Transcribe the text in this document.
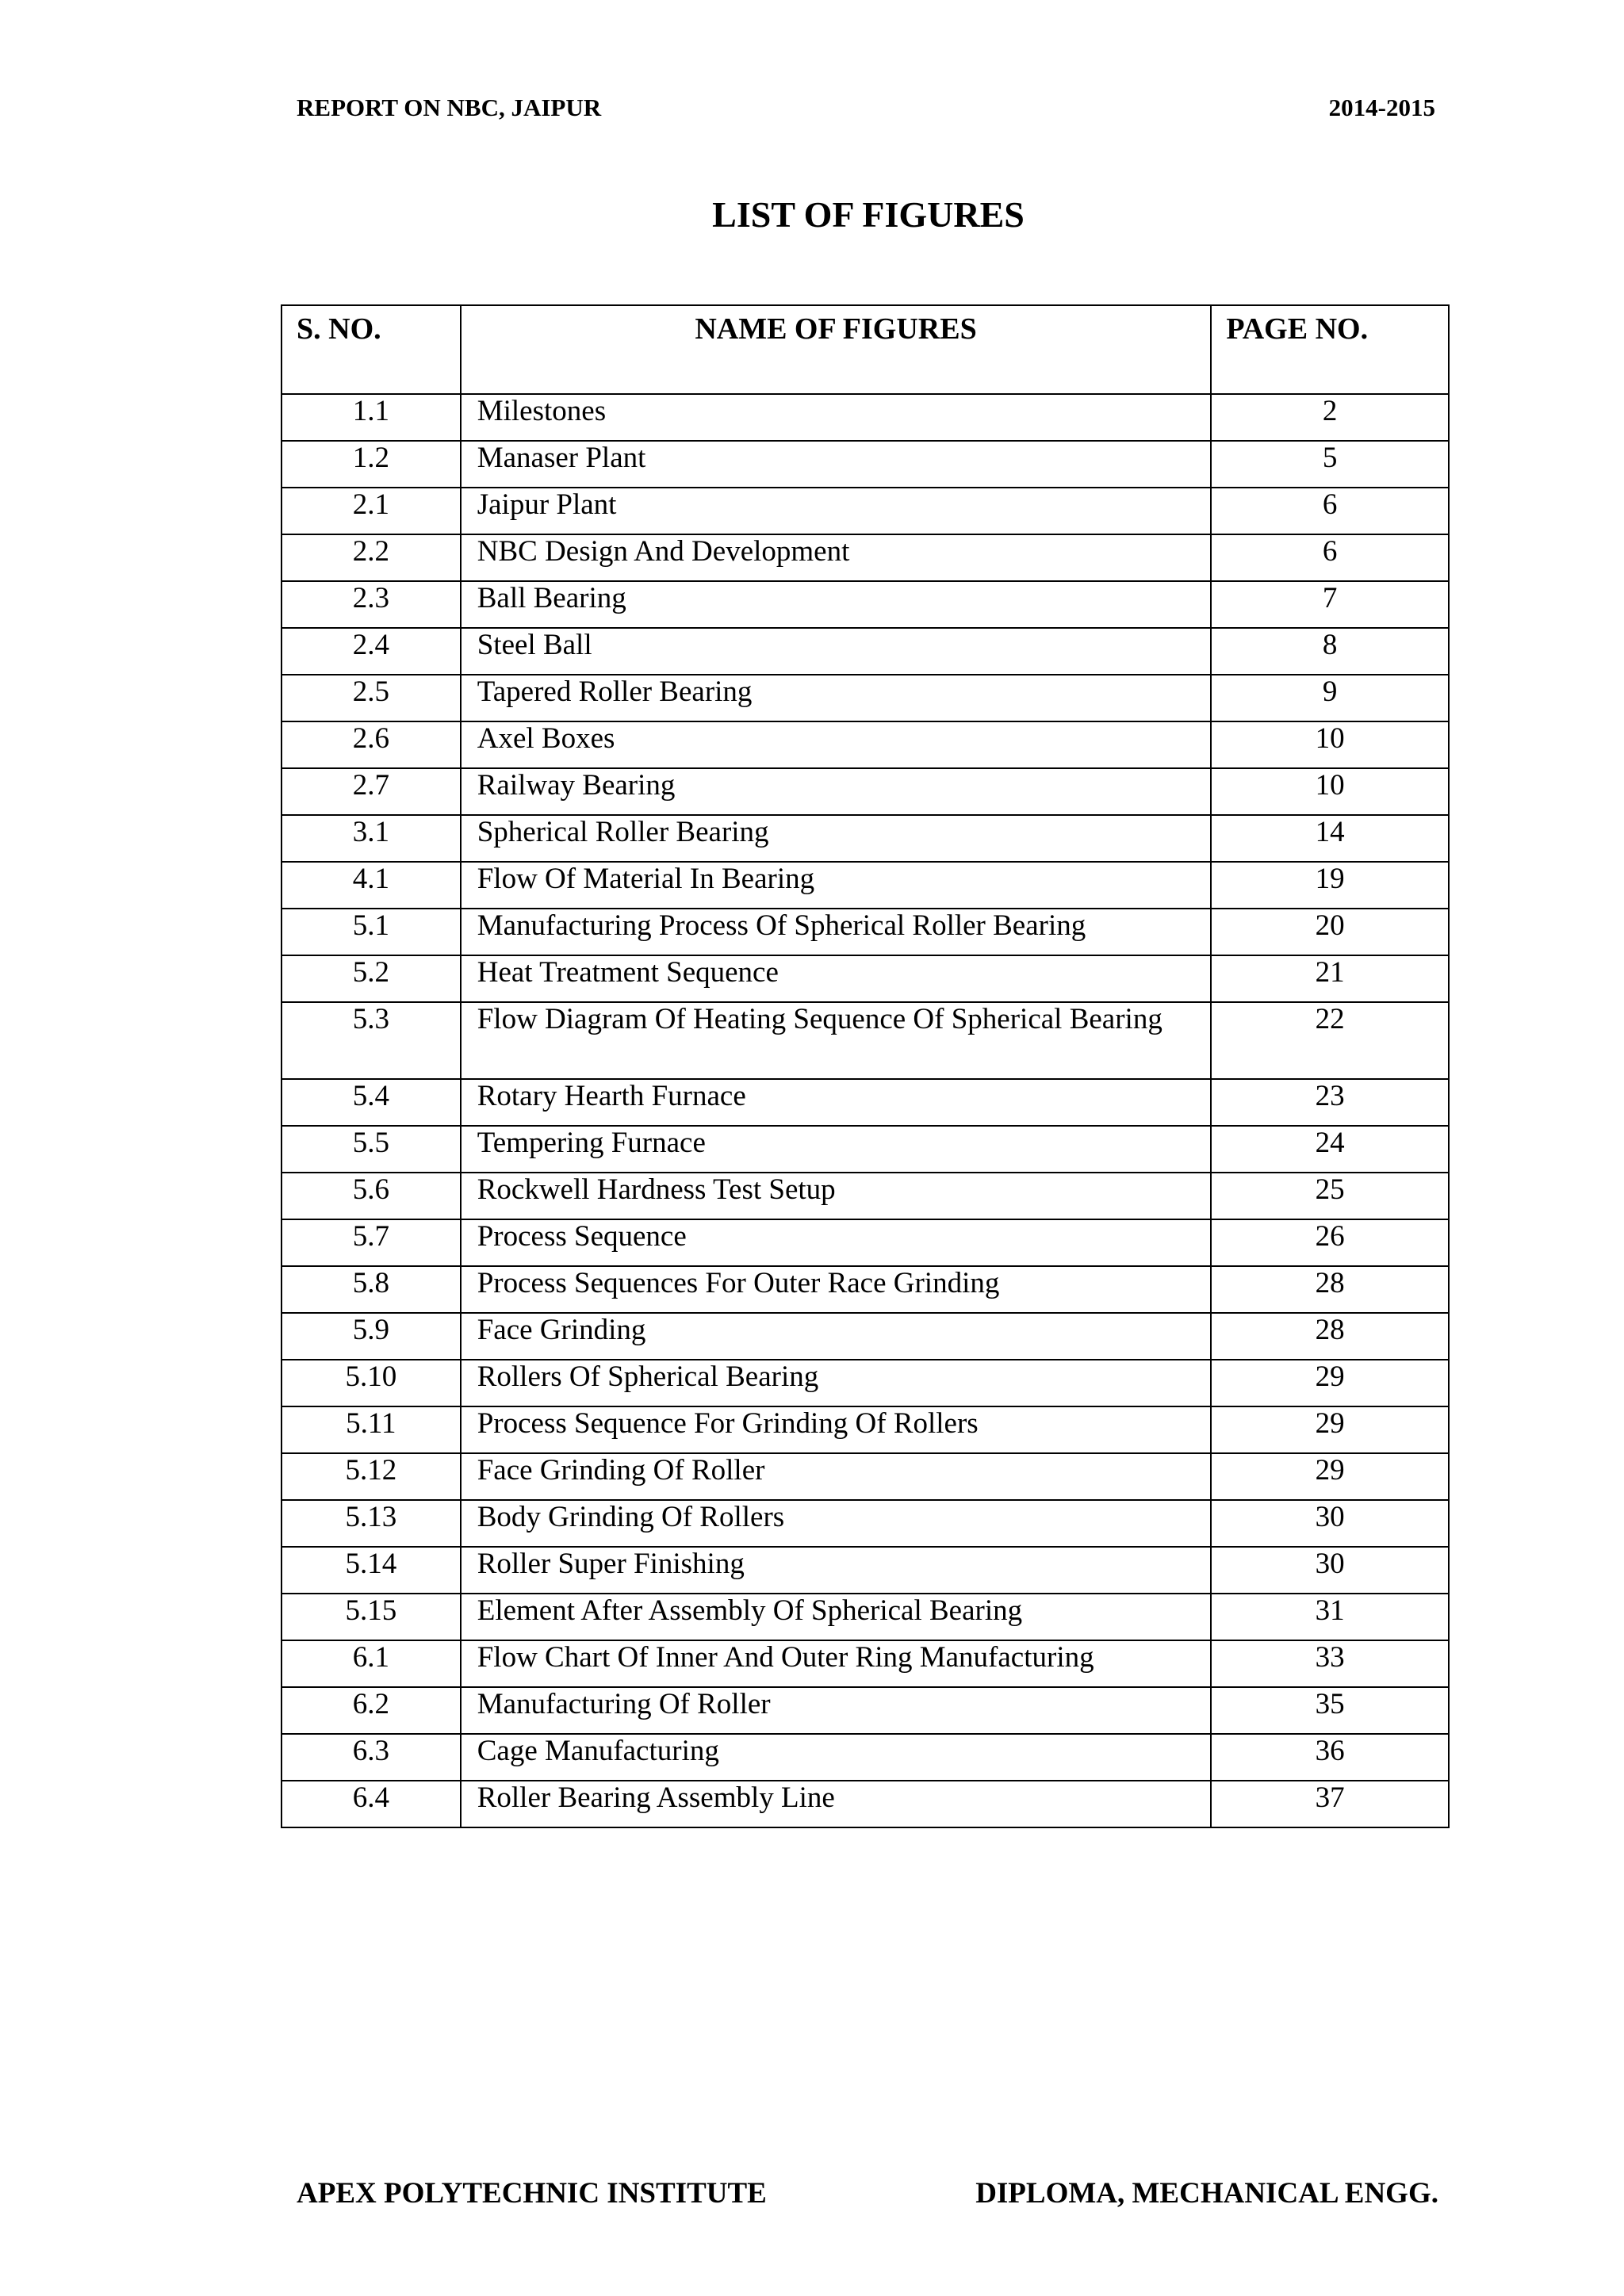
REPORT ON NBC, JAIPUR	2014-2015
LIST OF FIGURES
S. NO.	NAME OF FIGURES	PAGE NO.
1.1	Milestones	2
1.2	Manaser Plant	5
2.1	Jaipur Plant	6
2.2	NBC Design And Development	6
2.3	Ball Bearing	7
2.4	Steel Ball	8
2.5	Tapered Roller Bearing	9
2.6	Axel Boxes	10
2.7	Railway Bearing	10
3.1	Spherical Roller Bearing	14
4.1	Flow Of Material In Bearing	19
5.1	Manufacturing Process Of Spherical Roller Bearing	20
5.2	Heat Treatment Sequence	21
5.3	Flow Diagram Of Heating Sequence Of Spherical Bearing	22
5.4	Rotary Hearth Furnace	23
5.5	Tempering Furnace	24
5.6	Rockwell Hardness Test Setup	25
5.7	Process Sequence	26
5.8	Process Sequences For Outer Race Grinding	28
5.9	Face Grinding	28
5.10	Rollers Of Spherical Bearing	29
5.11	Process Sequence For Grinding Of Rollers	29
5.12	Face Grinding Of Roller	29
5.13	Body Grinding Of Rollers	30
5.14	Roller Super Finishing	30
5.15	Element After Assembly Of Spherical Bearing	31
6.1	Flow Chart Of Inner And Outer Ring Manufacturing	33
6.2	Manufacturing Of Roller	35
6.3	Cage Manufacturing	36
6.4	Roller Bearing Assembly Line	37
APEX POLYTECHNIC INSTITUTE	DIPLOMA, MECHANICAL ENGG.
